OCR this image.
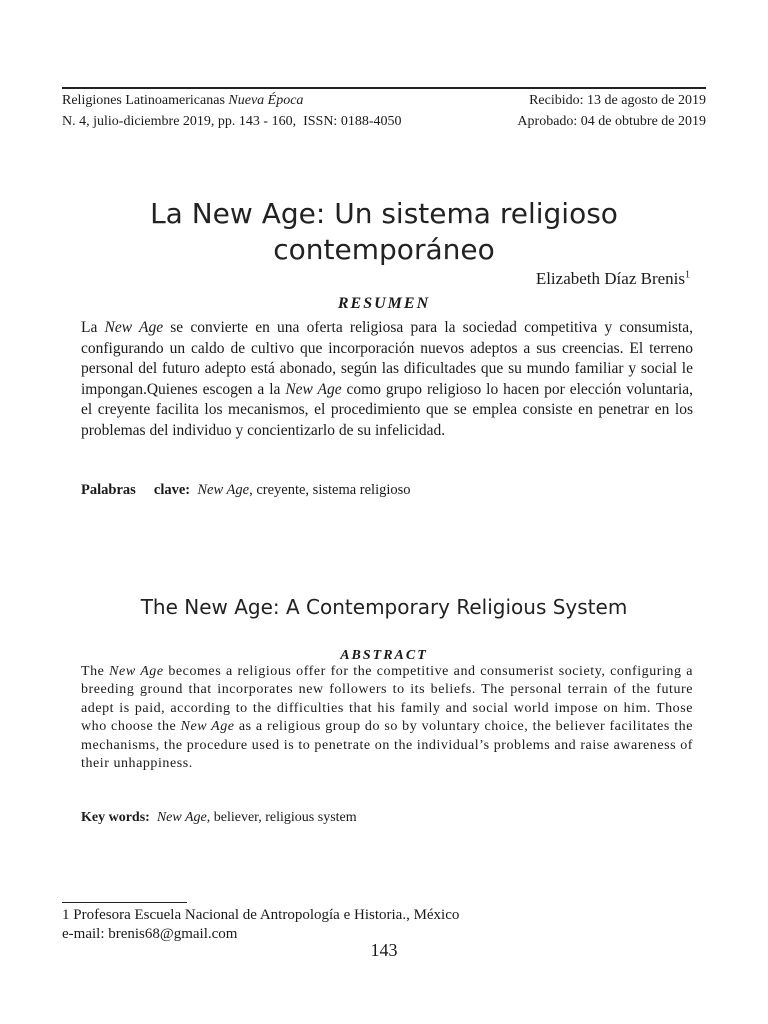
Religiones Latinoamericanas Nueva Época	Recibido: 13 de agosto de 2019
N. 4, julio-diciembre 2019, pp. 143 - 160, ISSN: 0188-4050	Aprobado: 04 de obtubre de 2019
La New Age: Un sistema religioso
contemporáneo
Elizabeth Díaz Brenis$^1$
RESUMEN
La New Age se convierte en una oferta religiosa para la sociedad competitiva y consumista, configurando un caldo de cultivo que incorporación nuevos adeptos a sus creencias. El terreno personal del futuro adepto está abonado, según las dificultades que su mundo familiar y social le impongan.Quienes escogen a la New Age como grupo religioso lo hacen por elección voluntaria, el creyente facilita los mecanismos, el procedimiento que se emplea consiste en penetrar en los problemas del individuo y concientizarlo de su infelicidad.
Palabras     clave: New Age, creyente, sistema religioso
The New Age: A Contemporary Religious System
ABSTRACT
The New Age becomes a religious offer for the competitive and consumerist society, configuring a breeding ground that incorporates new followers to its beliefs. The personal terrain of the future adept is paid, according to the difficulties that his family and social world impose on him. Those who choose the New Age as a religious group do so by voluntary choice, the believer facilitates the mechanisms, the procedure used is to penetrate on the individual’s problems and raise awareness of their unhappiness.
Key words: New Age, believer, religious system
1 Profesora Escuela Nacional de Antropología e Historia., México
e-mail: brenis68@gmail.com
143
